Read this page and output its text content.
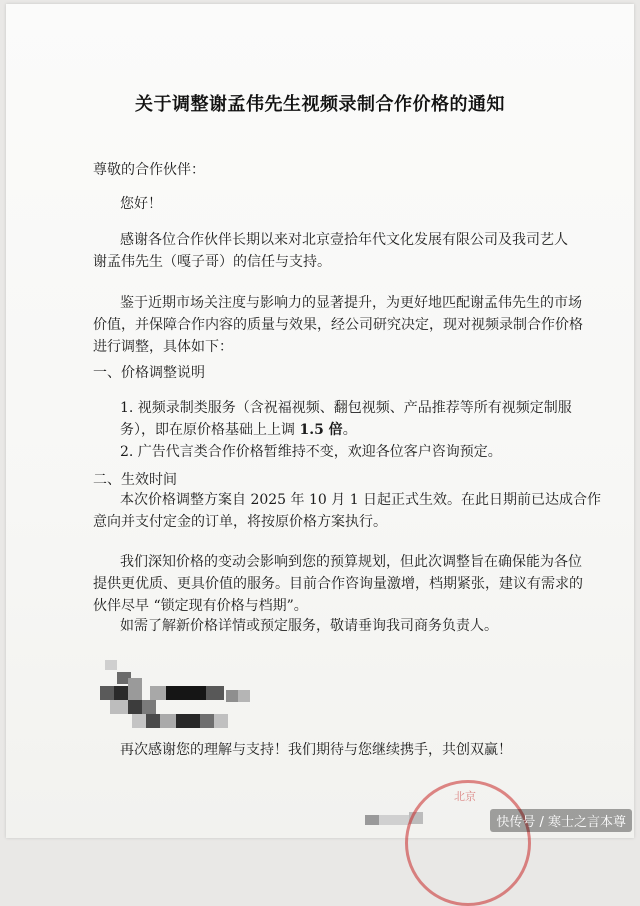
关于调整谢孟伟先生视频录制合作价格的通知
尊敬的合作伙伴：
您好！
感谢各位合作伙伴长期以来对北京壹拾年代文化发展有限公司及我司艺人
谢孟伟先生（嘎子哥）的信任与支持。
鉴于近期市场关注度与影响力的显著提升，为更好地匹配谢孟伟先生的市场
价值，并保障合作内容的质量与效果，经公司研究决定，现对视频录制合作价格
进行调整，具体如下：
一、价格调整说明
1. 视频录制类服务（含祝福视频、翻包视频、产品推荐等所有视频定制服
务），即在原价格基础上上调 1.5 倍。
2. 广告代言类合作价格暂维持不变，欢迎各位客户咨询预定。
二、生效时间
本次价格调整方案自 2025 年 10 月 1 日起正式生效。在此日期前已达成合作
意向并支付定金的订单，将按原价格方案执行。
我们深知价格的变动会影响到您的预算规划，但此次调整旨在确保能为各位
提供更优质、更具价值的服务。目前合作咨询量激增，档期紧张，建议有需求的
伙伴尽早 “锁定现有价格与档期”。
如需了解新价格详情或预定服务，敬请垂询我司商务负责人。
再次感谢您的理解与支持！我们期待与您继续携手，共创双赢！
北京
快传号 / 寒士之言本尊
